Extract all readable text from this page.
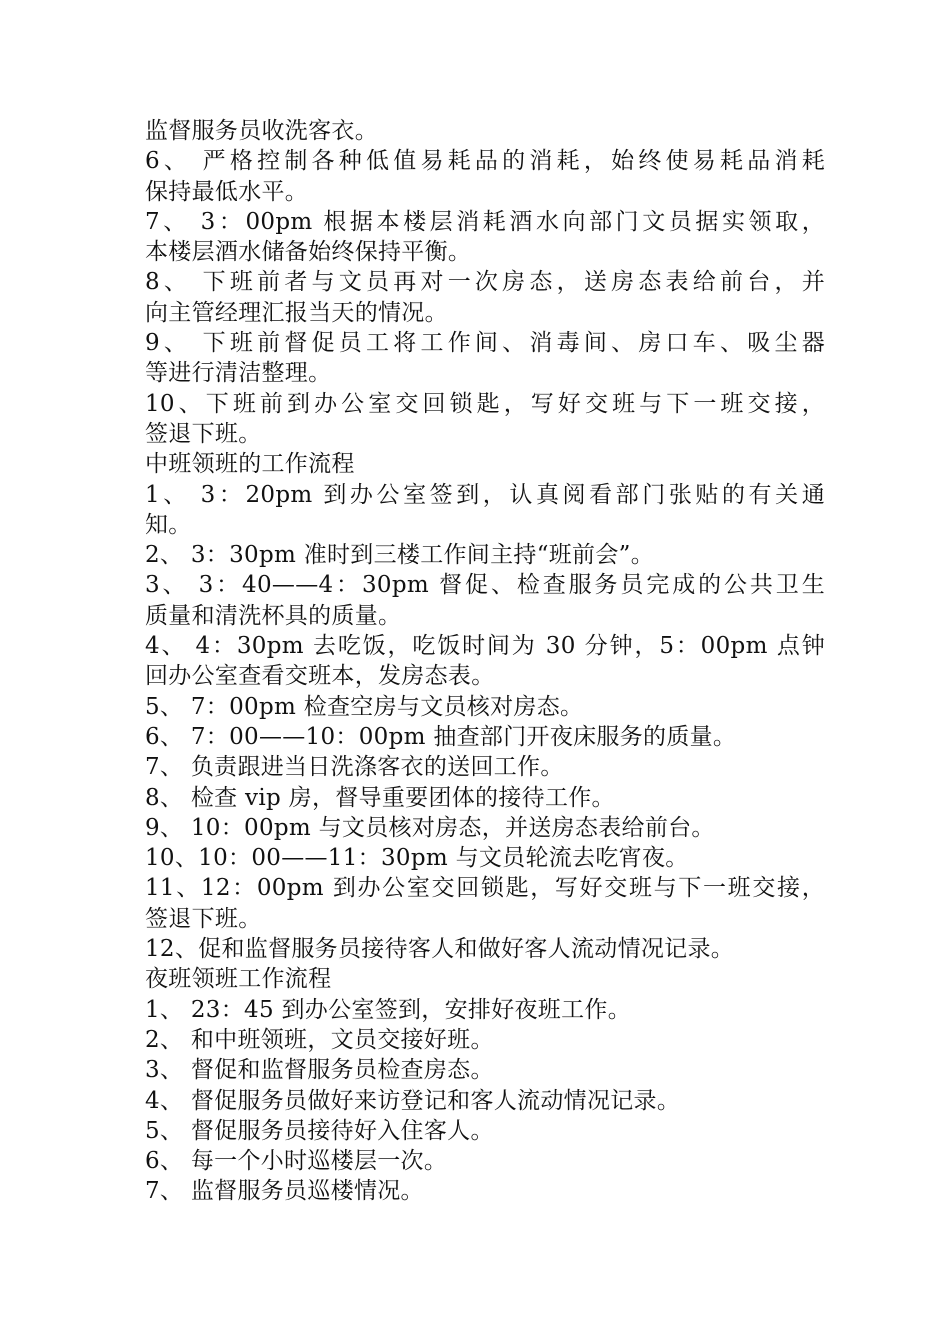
监督服务员收洗客衣。

6、 严格控制各种低值易耗品的消耗，始终使易耗品消耗

保持最低水平。

7、 3：00pm 根据本楼层消耗酒水向部门文员据实领取，

本楼层酒水储备始终保持平衡。

8、 下班前者与文员再对一次房态，送房态表给前台，并

向主管经理汇报当天的情况。

9、 下班前督促员工将工作间、消毒间、房口车、吸尘器

等进行清洁整理。

10、下班前到办公室交回锁匙，写好交班与下一班交接，

签退下班。

中班领班的工作流程

1、 3：20pm 到办公室签到，认真阅看部门张贴的有关通

知。

2、 3：30pm 准时到三楼工作间主持“班前会”。

3、 3：40——4：30pm 督促、检查服务员完成的公共卫生

质量和清洗杯具的质量。

4、 4：30pm 去吃饭，吃饭时间为 30 分钟，5：00pm 点钟

回办公室查看交班本，发房态表。

5、 7：00pm 检查空房与文员核对房态。

6、 7：00——10：00pm 抽查部门开夜床服务的质量。

7、 负责跟进当日洗涤客衣的送回工作。

8、 检查 vip 房，督导重要团体的接待工作。

9、 10：00pm 与文员核对房态，并送房态表给前台。

10、10：00——11：30pm 与文员轮流去吃宵夜。

11、12：00pm 到办公室交回锁匙，写好交班与下一班交接，

签退下班。

12、促和监督服务员接待客人和做好客人流动情况记录。

夜班领班工作流程

1、 23：45 到办公室签到，安排好夜班工作。

2、 和中班领班，文员交接好班。

3、 督促和监督服务员检查房态。

4、 督促服务员做好来访登记和客人流动情况记录。

5、 督促服务员接待好入住客人。

6、 每一个小时巡楼层一次。

7、 监督服务员巡楼情况。
